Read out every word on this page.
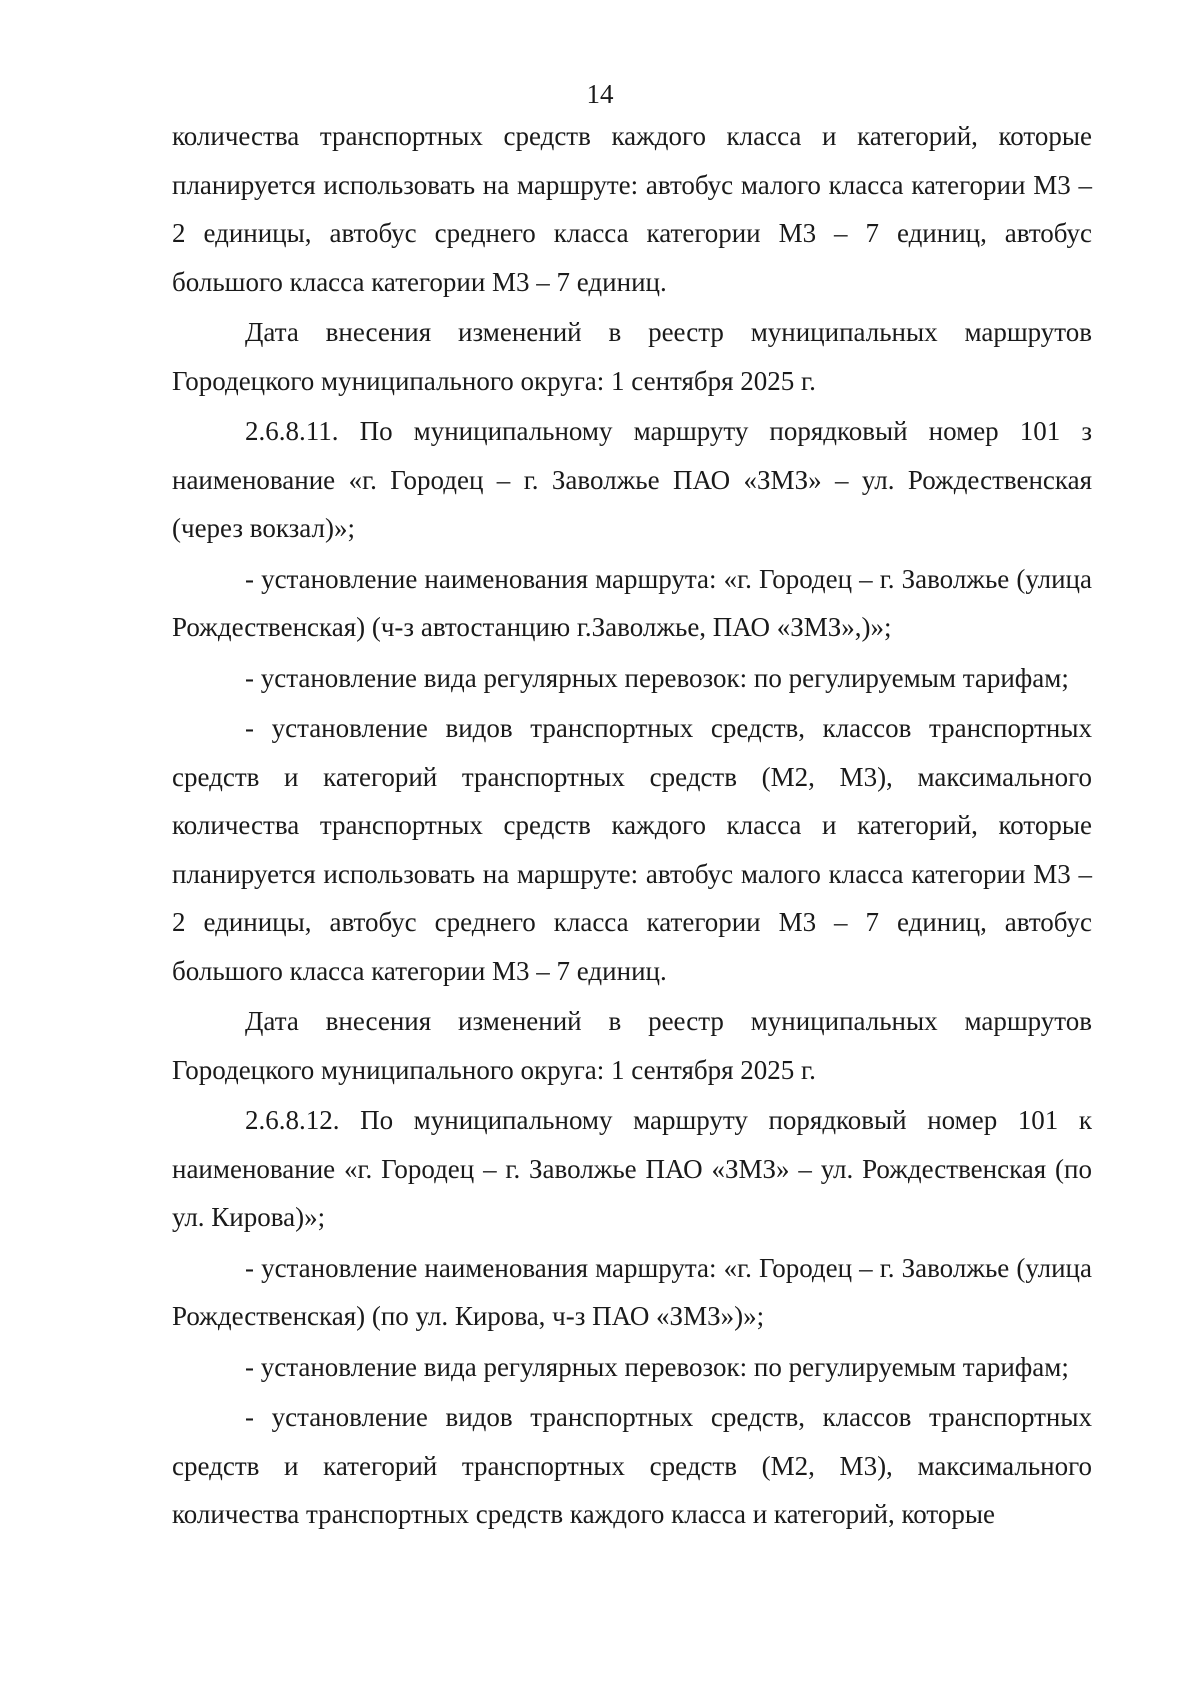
14

количества транспортных средств каждого класса и категорий, которые планируется использовать на маршруте: автобус малого класса категории М3 – 2 единицы, автобус среднего класса категории М3 – 7 единиц, автобус большого класса категории М3 – 7 единиц.

Дата внесения изменений в реестр муниципальных маршрутов Городецкого муниципального округа: 1 сентября 2025 г.

2.6.8.11. По муниципальному маршруту порядковый номер 101 з наименование «г. Городец – г. Заволжье ПАО «ЗМЗ» – ул. Рождественская (через вокзал)»;

- установление наименования маршрута: «г. Городец – г. Заволжье (улица Рождественская) (ч-з автостанцию г.Заволжье, ПАО «ЗМЗ»,)»;

- установление вида регулярных перевозок: по регулируемым тарифам;

- установление видов транспортных средств, классов транспортных средств и категорий транспортных средств (М2, М3), максимального количества транспортных средств каждого класса и категорий, которые планируется использовать на маршруте: автобус малого класса категории М3 – 2 единицы, автобус среднего класса категории М3 – 7 единиц, автобус большого класса категории М3 – 7 единиц.

Дата внесения изменений в реестр муниципальных маршрутов Городецкого муниципального округа: 1 сентября 2025 г.

2.6.8.12. По муниципальному маршруту порядковый номер 101 к наименование «г. Городец – г. Заволжье ПАО «ЗМЗ» – ул. Рождественская (по ул. Кирова)»;

- установление наименования маршрута: «г. Городец – г. Заволжье (улица Рождественская) (по ул. Кирова, ч-з ПАО «ЗМЗ»)»;

- установление вида регулярных перевозок: по регулируемым тарифам;

- установление видов транспортных средств, классов транспортных средств и категорий транспортных средств (М2, М3), максимального количества транспортных средств каждого класса и категорий, которые
